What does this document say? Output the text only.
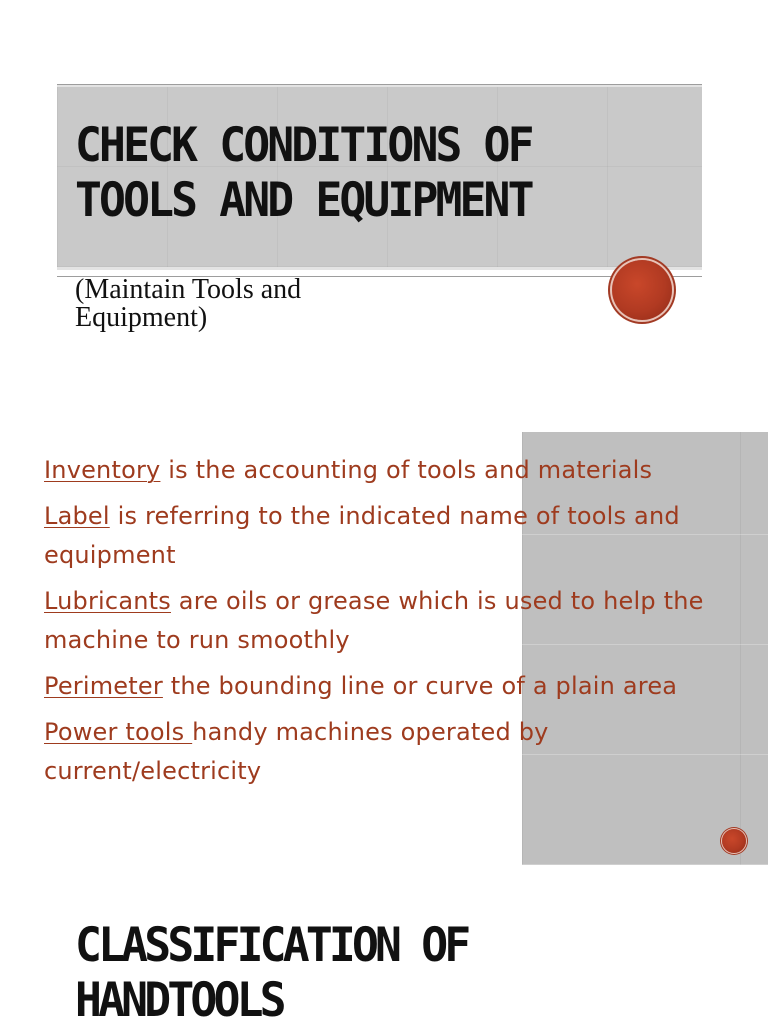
CHECK CONDITIONS OF TOOLS AND EQUIPMENT

(Maintain Tools and Equipment)

Inventory is the accounting of tools and materials
Label is referring to the indicated name of tools and equipment
Lubricants are oils or grease which is used to help the machine to run smoothly
Perimeter the bounding line or curve of a plain area
Power tools handy machines operated by current/electricity
CLASSIFICATION OF HANDTOOLS
